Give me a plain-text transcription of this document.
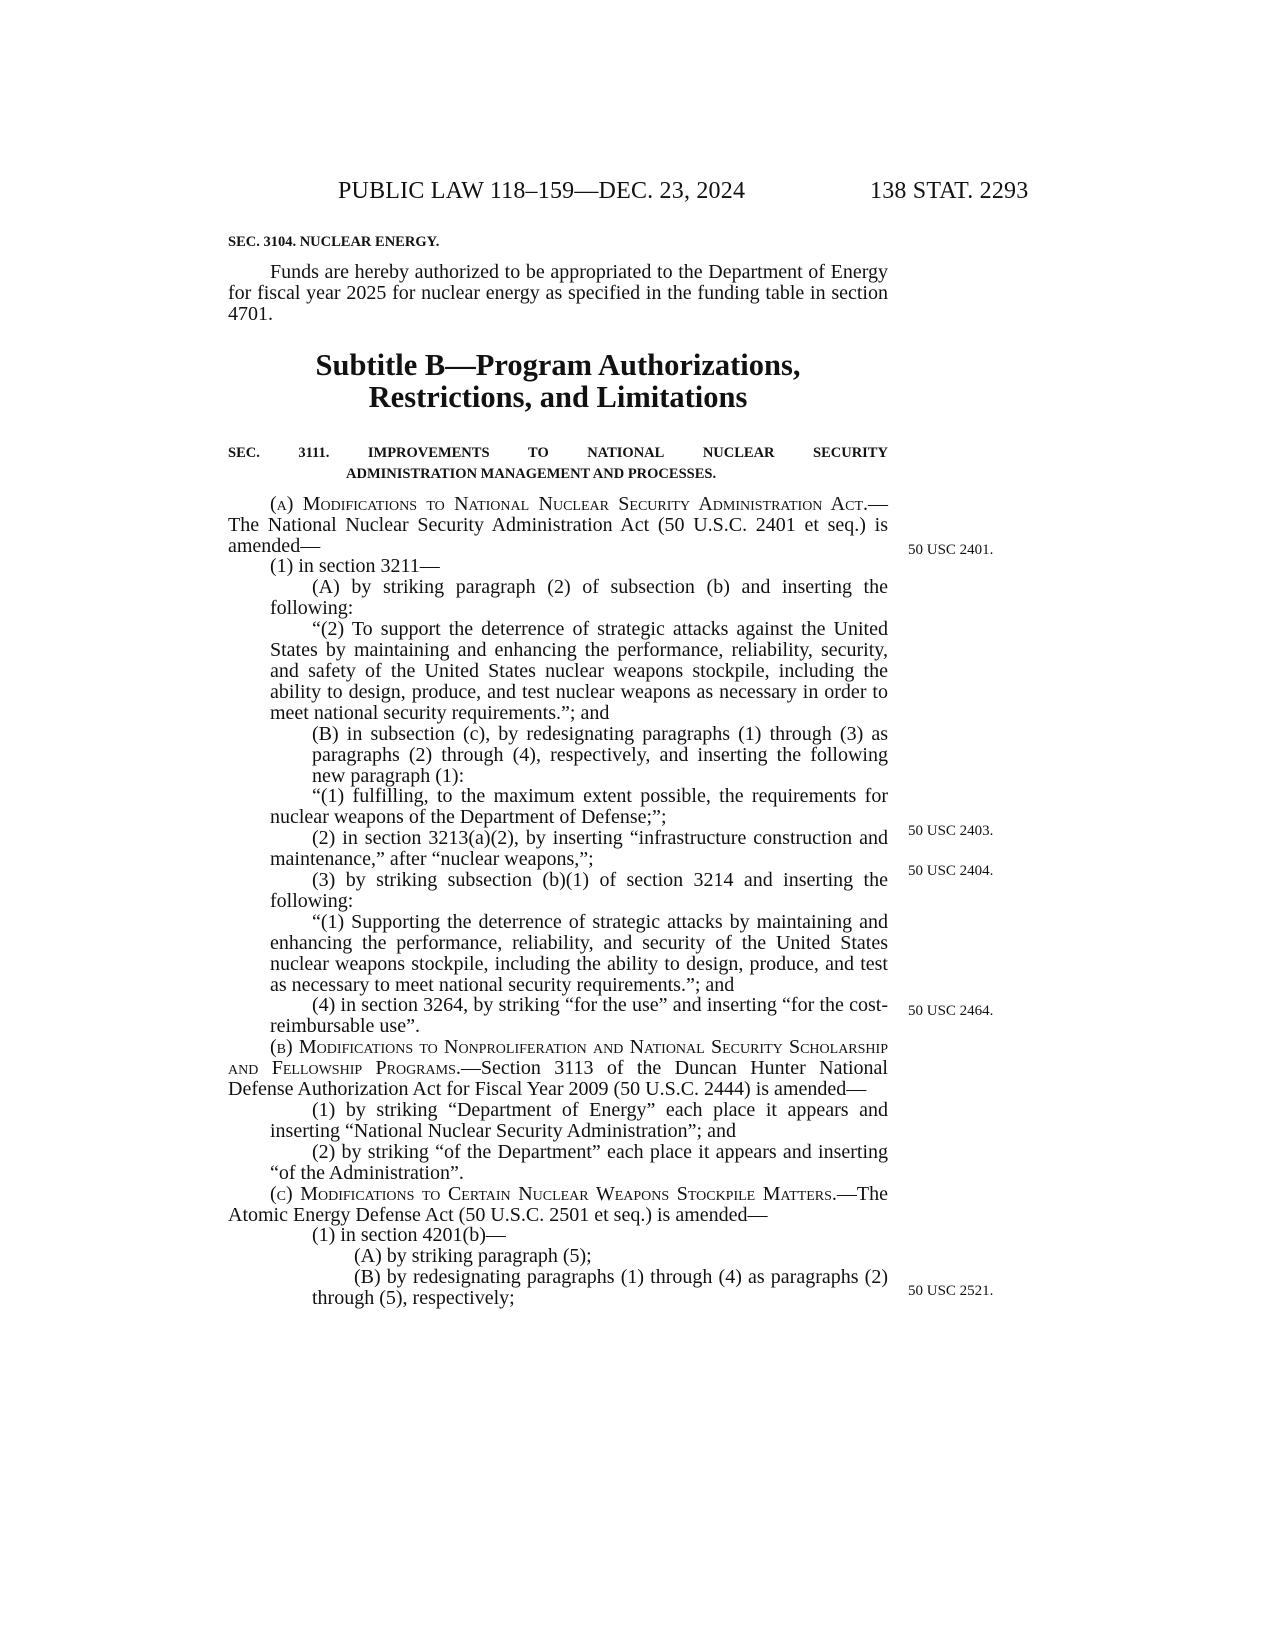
PUBLIC LAW 118–159—DEC. 23, 2024	138 STAT. 2293
SEC. 3104. NUCLEAR ENERGY.

Funds are hereby authorized to be appropriated to the Department of Energy for fiscal year 2025 for nuclear energy as specified in the funding table in section 4701.

Subtitle B—Program Authorizations,
Restrictions, and Limitations
SEC.	3111.	IMPROVEMENTS	TO	NATIONAL	NUCLEAR	SECURITY
ADMINISTRATION MANAGEMENT AND PROCESSES.

(a) Modifications to National Nuclear Security Administration Act.—The National Nuclear Security Administration Act (50 U.S.C. 2401 et seq.) is amended—

(1) in section 3211—

(A) by striking paragraph (2) of subsection (b) and inserting the following:

“(2) To support the deterrence of strategic attacks against the United States by maintaining and enhancing the performance, reliability, security, and safety of the United States nuclear weapons stockpile, including the ability to design, produce, and test nuclear weapons as necessary in order to meet national security requirements.”; and

(B) in subsection (c), by redesignating paragraphs (1) through (3) as paragraphs (2) through (4), respectively, and inserting the following new paragraph (1):

“(1) fulfilling, to the maximum extent possible, the requirements for nuclear weapons of the Department of Defense;”;

(2) in section 3213(a)(2), by inserting “infrastructure construction and maintenance,” after “nuclear weapons,”;

(3) by striking subsection (b)(1) of section 3214 and inserting the following:

“(1) Supporting the deterrence of strategic attacks by maintaining and enhancing the performance, reliability, and security of the United States nuclear weapons stockpile, including the ability to design, produce, and test as necessary to meet national security requirements.”; and

(4) in section 3264, by striking “for the use” and inserting “for the cost-reimbursable use”.

(b) Modifications to Nonproliferation and National Security Scholarship and Fellowship Programs.—Section 3113 of the Duncan Hunter National Defense Authorization Act for Fiscal Year 2009 (50 U.S.C. 2444) is amended—

(1) by striking “Department of Energy” each place it appears and inserting “National Nuclear Security Administration”; and

(2) by striking “of the Department” each place it appears and inserting “of the Administration”.

(c) Modifications to Certain Nuclear Weapons Stockpile Matters.—The Atomic Energy Defense Act (50 U.S.C. 2501 et seq.) is amended—

(1) in section 4201(b)—

(A) by striking paragraph (5);

(B) by redesignating paragraphs (1) through (4) as paragraphs (2) through (5), respectively;

50 USC 2401.
50 USC 2403.
50 USC 2404.
50 USC 2464.
50 USC 2521.
